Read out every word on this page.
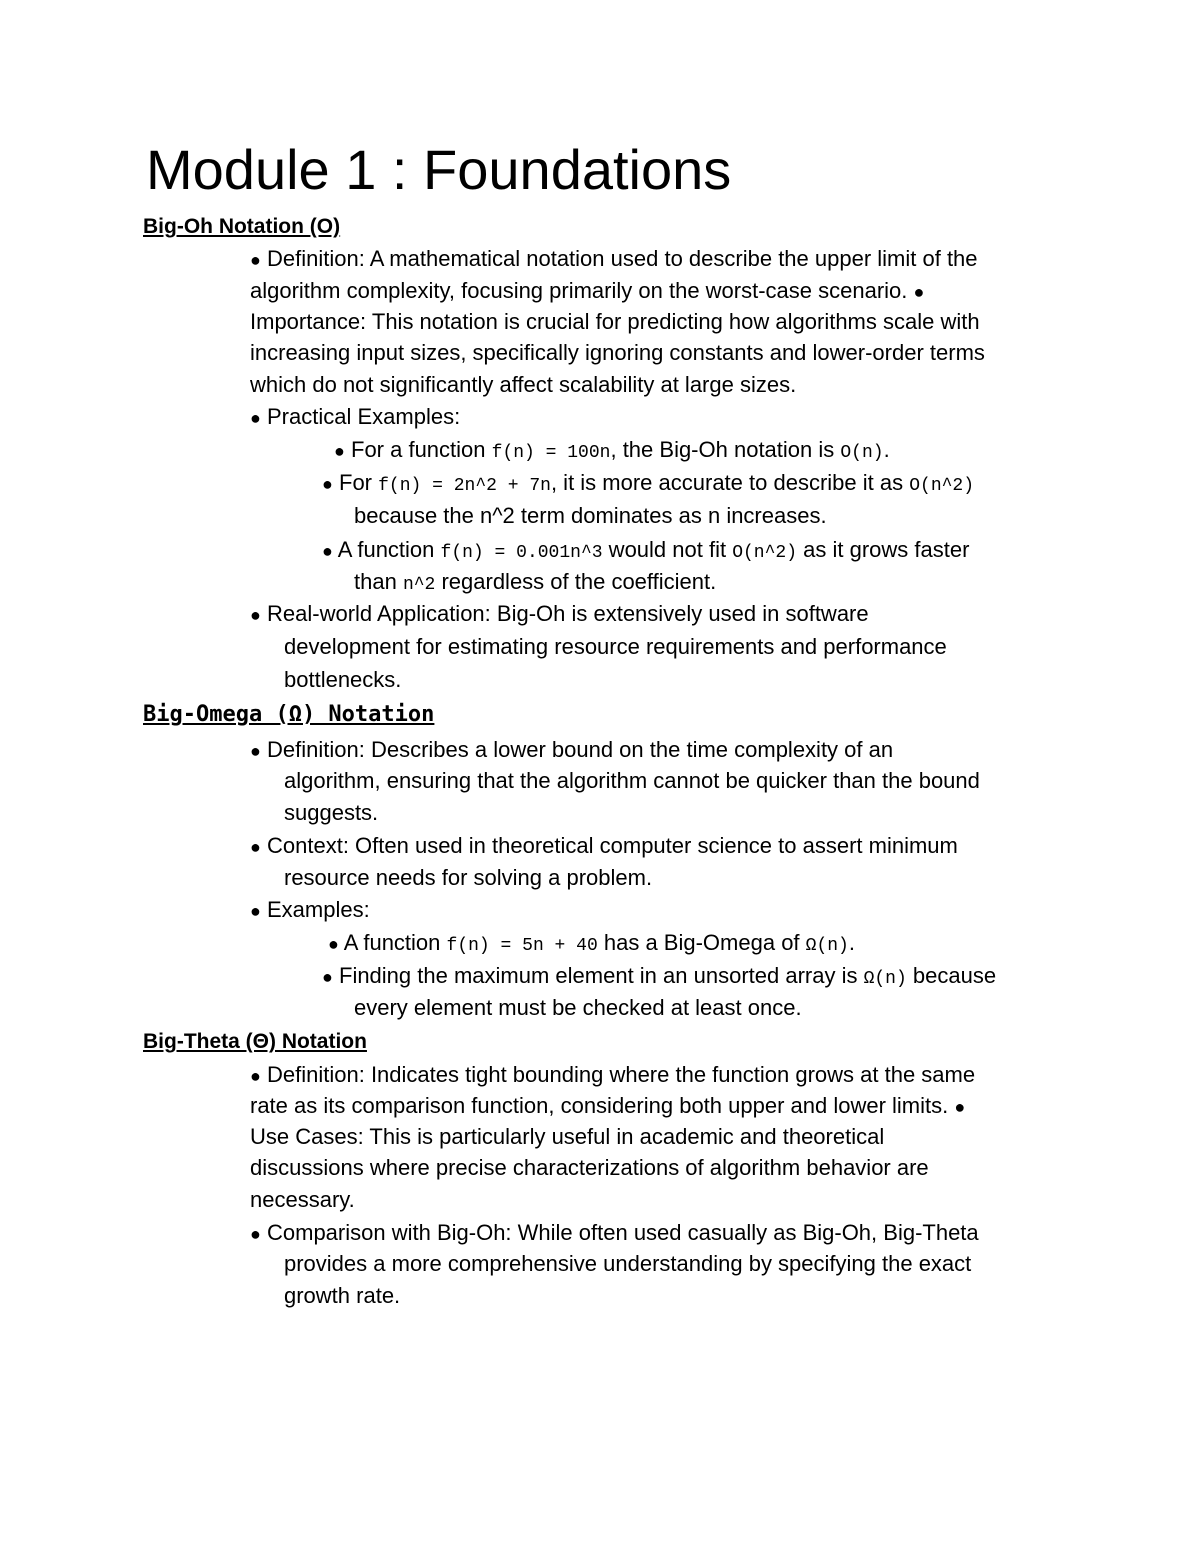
Module 1 : Foundations
Big-Oh Notation (O)
● Definition: A mathematical notation used to describe the upper limit of the
algorithm complexity, focusing primarily on the worst-case scenario. ●
Importance: This notation is crucial for predicting how algorithms scale with
increasing input sizes, specifically ignoring constants and lower-order terms
which do not significantly affect scalability at large sizes.
● Practical Examples:
● For a function f(n) = 100n, the Big-Oh notation is O(n).
● For f(n) = 2n^2 + 7n, it is more accurate to describe it as O(n^2)
because the n^2 term dominates as n increases.
● A function f(n) = 0.001n^3 would not fit O(n^2) as it grows faster
than n^2 regardless of the coefficient.
● Real-world Application: Big-Oh is extensively used in software
development for estimating resource requirements and performance
bottlenecks.
Big-Omega (Ω) Notation
● Definition: Describes a lower bound on the time complexity of an
algorithm, ensuring that the algorithm cannot be quicker than the bound
suggests.
● Context: Often used in theoretical computer science to assert minimum
resource needs for solving a problem.
● Examples:
● A function f(n) = 5n + 40 has a Big-Omega of Ω(n).
● Finding the maximum element in an unsorted array is Ω(n) because
every element must be checked at least once.
Big-Theta (Θ) Notation
● Definition: Indicates tight bounding where the function grows at the same
rate as its comparison function, considering both upper and lower limits. ●
Use Cases: This is particularly useful in academic and theoretical
discussions where precise characterizations of algorithm behavior are
necessary.
● Comparison with Big-Oh: While often used casually as Big-Oh, Big-Theta
provides a more comprehensive understanding by specifying the exact
growth rate.
